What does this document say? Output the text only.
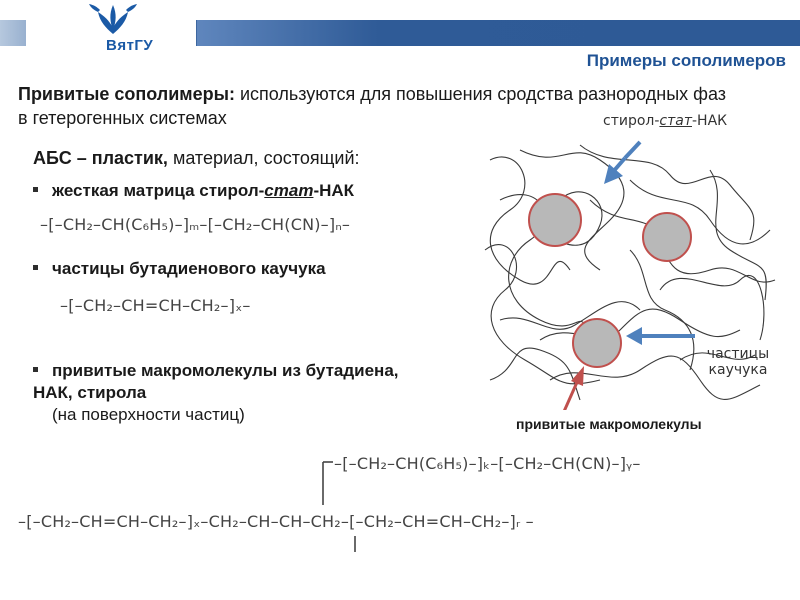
ВятГУ
Примеры сополимеров
Привитые сополимеры: используются для повышения сродства разнородных фаз в гетерогенных системах
АБС – пластик, материал, состоящий:
жесткая матрица стирол-стат-НАК
–[–CH₂–CH(C₆H₅)–]ₘ–[–CH₂–CH(CN)–]ₙ–
частицы бутадиенового каучука
–[–CH₂–CH=CH–CH₂–]ₓ–
привитые макромолекулы из бутадиена, НАК, стирола
(на поверхности частиц)
–[–CH₂–CH(C₆H₅)–]ₖ–[–CH₂–CH(CN)–]ᵧ–
–[–CH₂–CH=CH–CH₂–]ₓ–CH₂–CH–CH–CH₂–[–CH₂–CH=CH–CH₂–]ᵣ –
стирол-стат-НАК
частицы каучука
привитые макромолекулы
